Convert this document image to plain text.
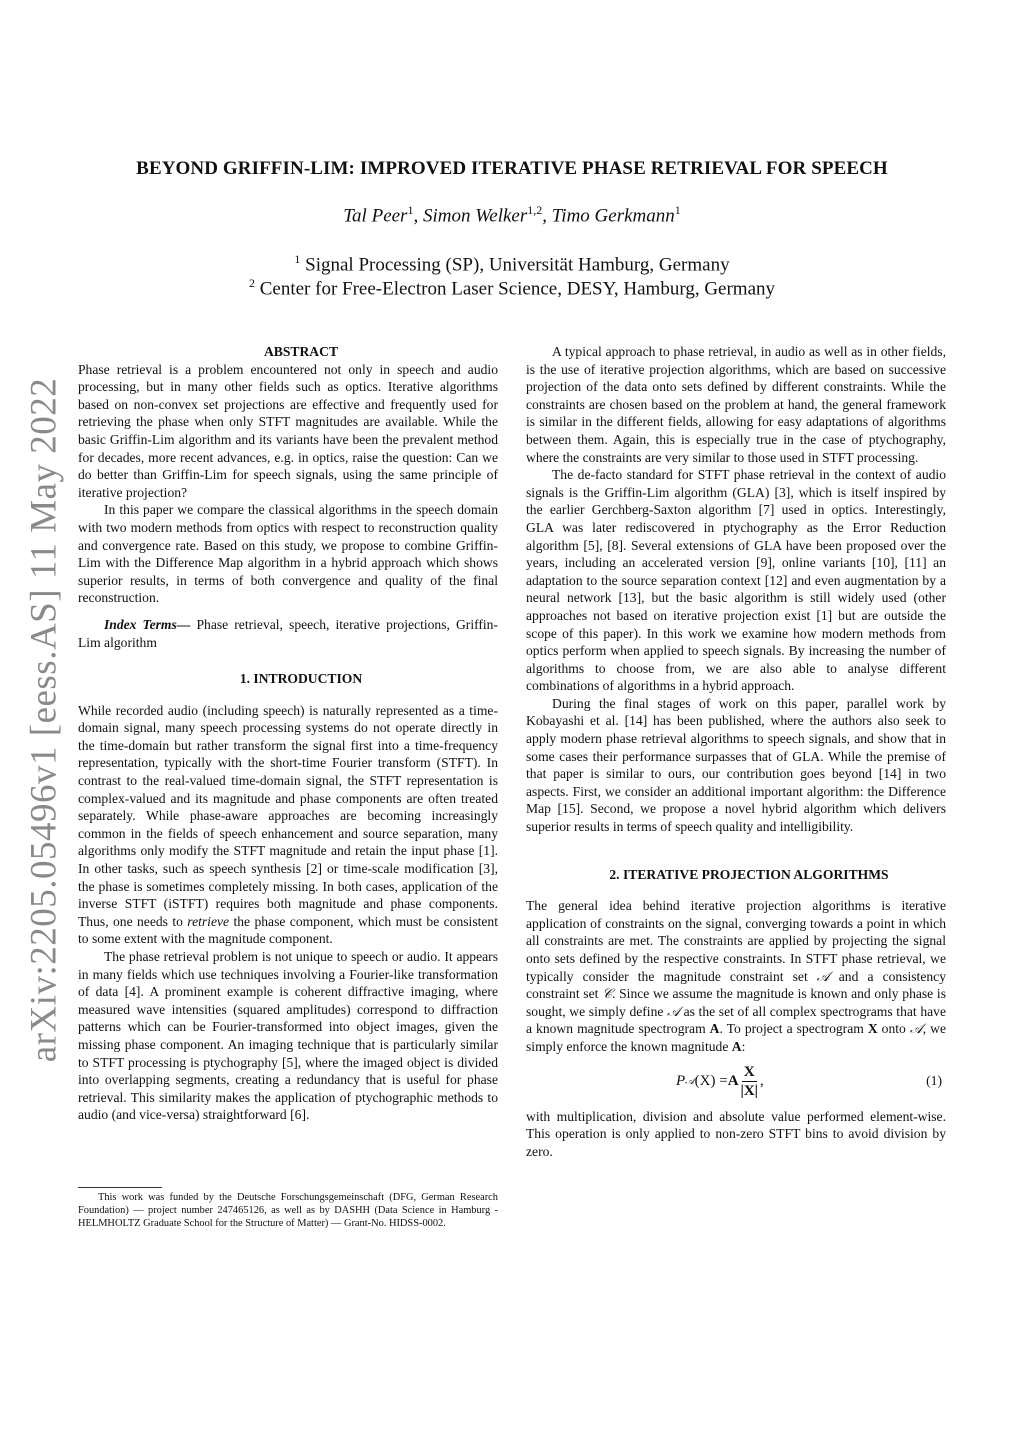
arXiv:2205.05496v1 [eess.AS] 11 May 2022
BEYOND GRIFFIN-LIM: IMPROVED ITERATIVE PHASE RETRIEVAL FOR SPEECH
Tal Peer$^1$, Simon Welker$^{1,2}$, Timo Gerkmann$^1$
$^1$ Signal Processing (SP), Universität Hamburg, Germany
$^2$ Center for Free-Electron Laser Science, DESY, Hamburg, Germany

ABSTRACT

Phase retrieval is a problem encountered not only in speech and audio processing, but in many other fields such as optics. Iterative algorithms based on non-convex set projections are effective and frequently used for retrieving the phase when only STFT magnitudes are available. While the basic Griffin-Lim algorithm and its variants have been the prevalent method for decades, more recent advances, e.g. in optics, raise the question: Can we do better than Griffin-Lim for speech signals, using the same principle of iterative projection?

In this paper we compare the classical algorithms in the speech domain with two modern methods from optics with respect to reconstruction quality and convergence rate. Based on this study, we propose to combine Griffin-Lim with the Difference Map algorithm in a hybrid approach which shows superior results, in terms of both convergence and quality of the final reconstruction.

Index Terms— Phase retrieval, speech, iterative projections, Griffin-Lim algorithm

1. INTRODUCTION

While recorded audio (including speech) is naturally represented as a time-domain signal, many speech processing systems do not operate directly in the time-domain but rather transform the signal first into a time-frequency representation, typically with the short-time Fourier transform (STFT). In contrast to the real-valued time-domain signal, the STFT representation is complex-valued and its magnitude and phase components are often treated separately. While phase-aware approaches are becoming increasingly common in the fields of speech enhancement and source separation, many algorithms only modify the STFT magnitude and retain the input phase [1]. In other tasks, such as speech synthesis [2] or time-scale modification [3], the phase is sometimes completely missing. In both cases, application of the inverse STFT (iSTFT) requires both magnitude and phase components. Thus, one needs to retrieve the phase component, which must be consistent to some extent with the magnitude component.

The phase retrieval problem is not unique to speech or audio. It appears in many fields which use techniques involving a Fourier-like transformation of data [4]. A prominent example is coherent diffractive imaging, where measured wave intensities (squared amplitudes) correspond to diffraction patterns which can be Fourier-transformed into object images, given the missing phase component. An imaging technique that is particularly similar to STFT processing is ptychography [5], where the imaged object is divided into overlapping segments, creating a redundancy that is useful for phase retrieval. This similarity makes the application of ptychographic methods to audio (and vice-versa) straightforward [6].

This work was funded by the Deutsche Forschungsgemeinschaft (DFG, German Research Foundation) — project number 247465126, as well as by DASHH (Data Science in Hamburg - HELMHOLTZ Graduate School for the Structure of Matter) — Grant-No. HIDSS-0002.

A typical approach to phase retrieval, in audio as well as in other fields, is the use of iterative projection algorithms, which are based on successive projection of the data onto sets defined by different constraints. While the constraints are chosen based on the problem at hand, the general framework is similar in the different fields, allowing for easy adaptations of algorithms between them. Again, this is especially true in the case of ptychography, where the constraints are very similar to those used in STFT processing.

The de-facto standard for STFT phase retrieval in the context of audio signals is the Griffin-Lim algorithm (GLA) [3], which is itself inspired by the earlier Gerchberg-Saxton algorithm [7] used in optics. Interestingly, GLA was later rediscovered in ptychography as the Error Reduction algorithm [5], [8]. Several extensions of GLA have been proposed over the years, including an accelerated version [9], online variants [10], [11] an adaptation to the source separation context [12] and even augmentation by a neural network [13], but the basic algorithm is still widely used (other approaches not based on iterative projection exist [1] but are outside the scope of this paper). In this work we examine how modern methods from optics perform when applied to speech signals. By increasing the number of algorithms to choose from, we are also able to analyse different combinations of algorithms in a hybrid approach.

During the final stages of work on this paper, parallel work by Kobayashi et al. [14] has been published, where the authors also seek to apply modern phase retrieval algorithms to speech signals, and show that in some cases their performance surpasses that of GLA. While the premise of that paper is similar to ours, our contribution goes beyond [14] in two aspects. First, we consider an additional important algorithm: the Difference Map [15]. Second, we propose a novel hybrid algorithm which delivers superior results in terms of speech quality and intelligibility.

2. ITERATIVE PROJECTION ALGORITHMS

The general idea behind iterative projection algorithms is iterative application of constraints on the signal, converging towards a point in which all constraints are met. The constraints are applied by projecting the signal onto sets defined by the respective constraints. In STFT phase retrieval, we typically consider the magnitude constraint set 𝒜 and a consistency constraint set 𝒞. Since we assume the magnitude is known and only phase is sought, we simply define 𝒜 as the set of all complex spectrograms that have a known magnitude spectrogram A. To project a spectrogram X onto 𝒜, we simply enforce the known magnitude A:

P 𝒜 (X) = A $\frac{X}{|X|}$ ,	(1)

with multiplication, division and absolute value performed element-wise. This operation is only applied to non-zero STFT bins to avoid division by zero.
